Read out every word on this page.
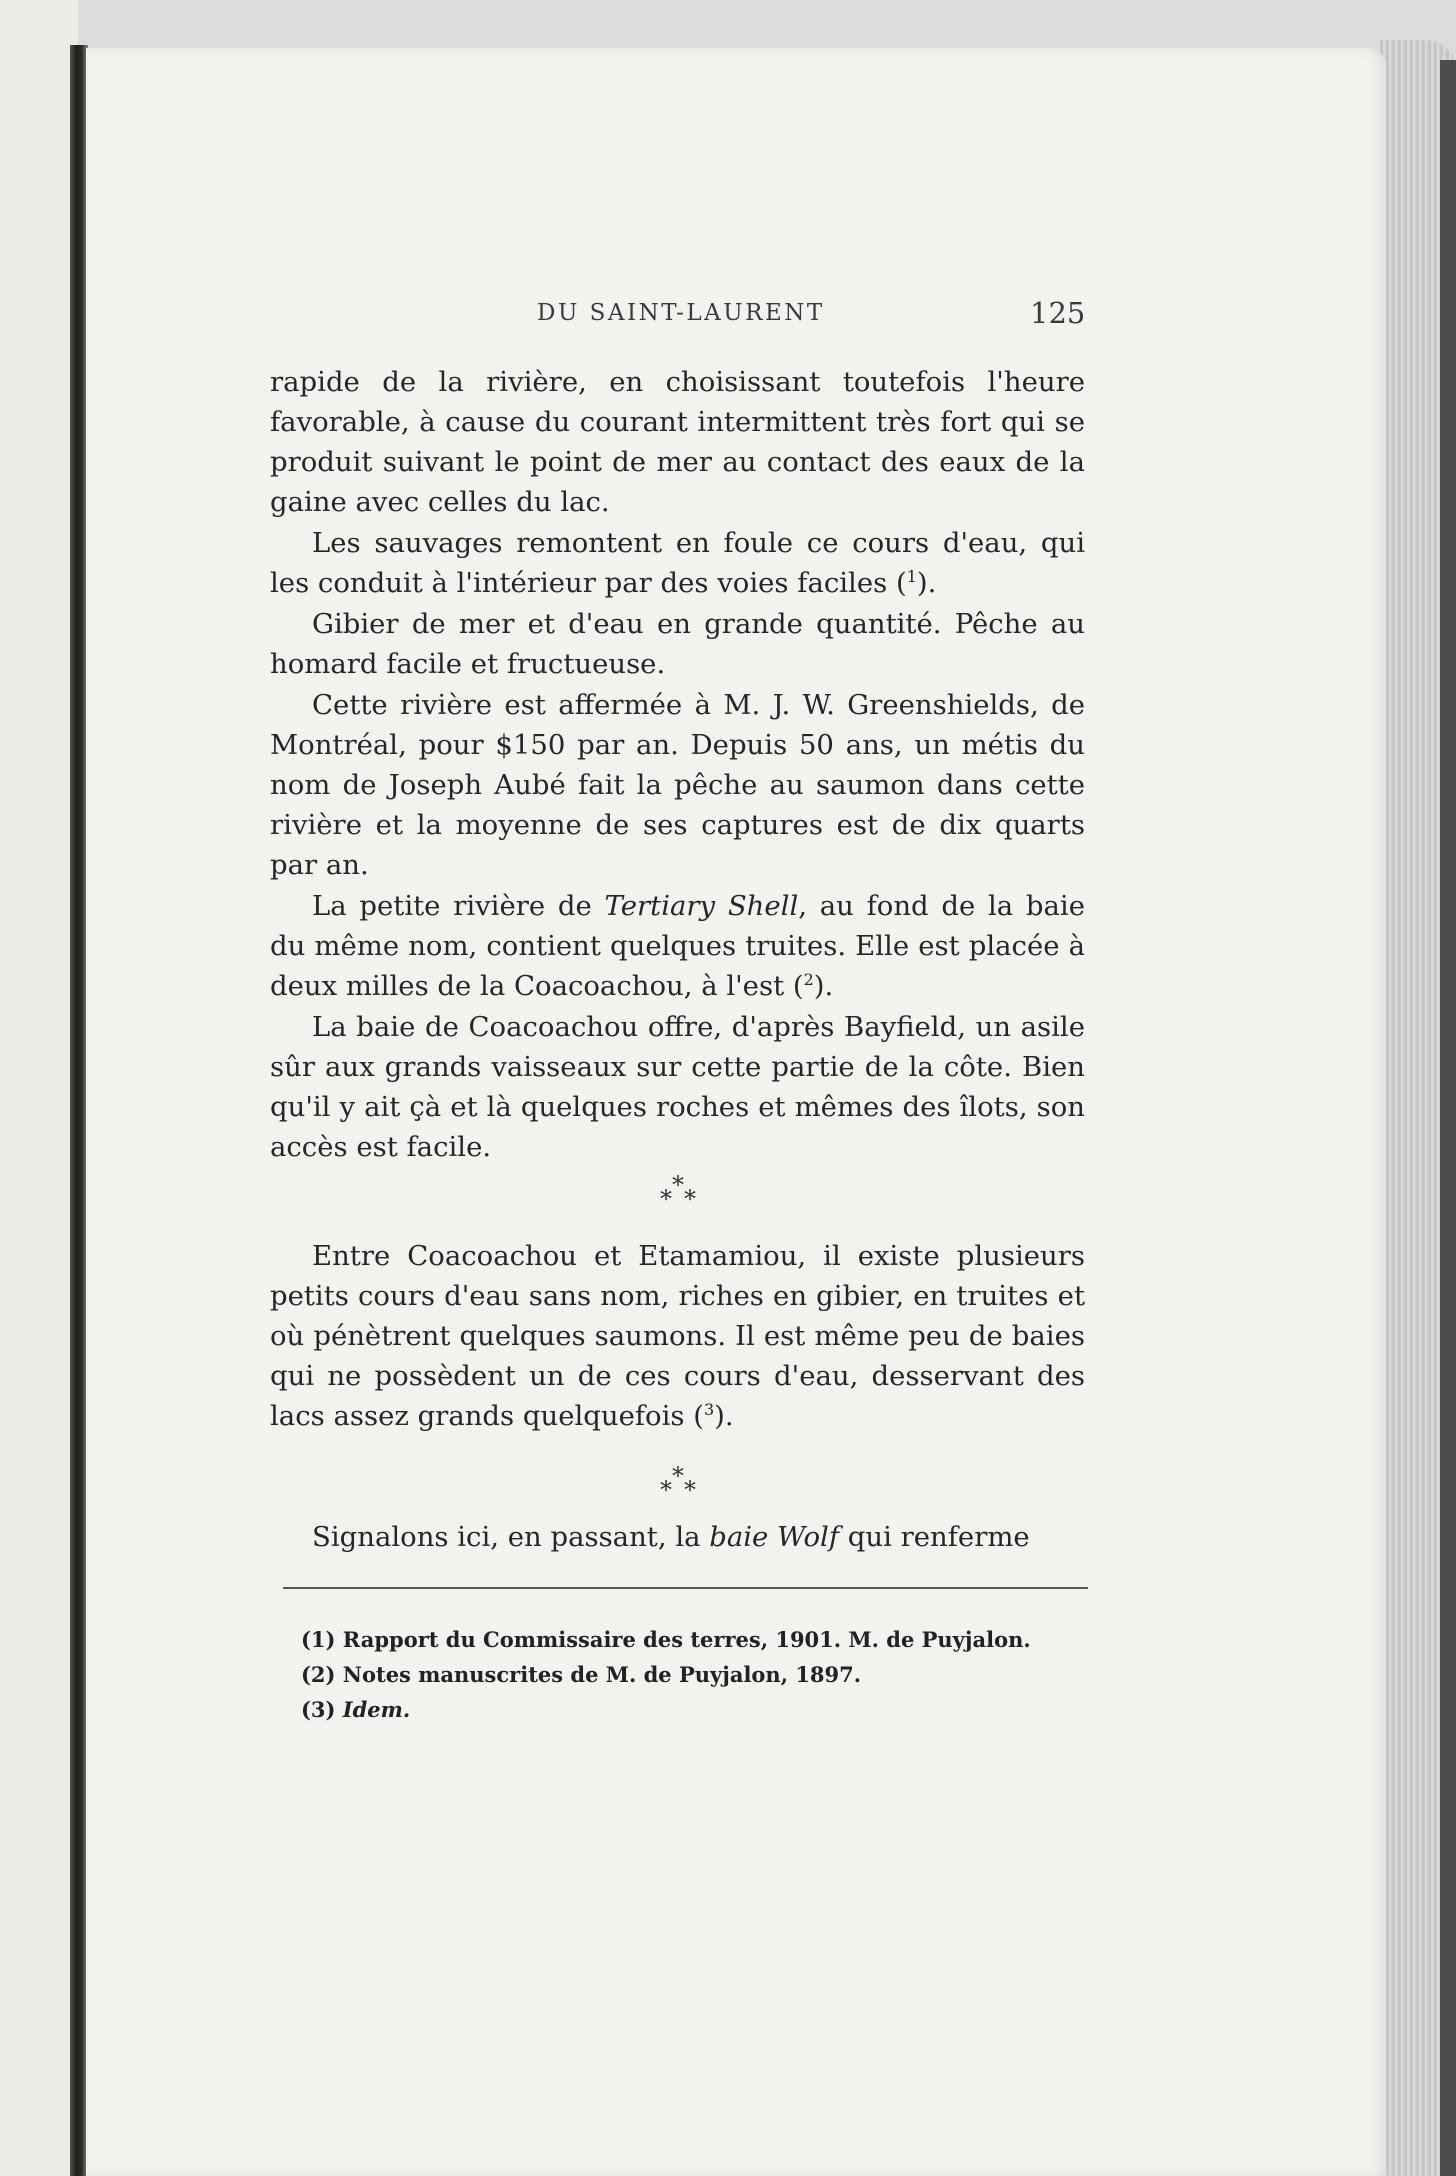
DU SAINT-LAURENT	125

rapide de la rivière, en choisissant toutefois l'heure favorable, à cause du courant intermittent très fort qui se produit suivant le point de mer au contact des eaux de la gaine avec celles du lac.

Les sauvages remontent en foule ce cours d'eau, qui les conduit à l'intérieur par des voies faciles ($^1$).

Gibier de mer et d'eau en grande quantité. Pêche au homard facile et fructueuse.

Cette rivière est affermée à M. J. W. Greenshields, de Montréal, pour $150 par an. Depuis 50 ans, un métis du nom de Joseph Aubé fait la pêche au saumon dans cette rivière et la moyenne de ses captures est de dix quarts par an.

La petite rivière de Tertiary Shell, au fond de la baie du même nom, contient quelques truites. Elle est placée à deux milles de la Coacoachou, à l'est ($^2$).

La baie de Coacoachou offre, d'après Bayfield, un asile sûr aux grands vaisseaux sur cette partie de la côte. Bien qu'il y ait çà et là quelques roches et mêmes des îlots, son accès est facile.

*
* *

Entre Coacoachou et Etamamiou, il existe plusieurs petits cours d'eau sans nom, riches en gibier, en truites et où pénètrent quelques saumons. Il est même peu de baies qui ne possèdent un de ces cours d'eau, desservant des lacs assez grands quelquefois ($^3$).

*
* *

Signalons ici, en passant, la baie Wolf qui renferme

(1) Rapport du Commissaire des terres, 1901. M. de Puyjalon.
(2) Notes manuscrites de M. de Puyjalon, 1897.
(3) Idem.
